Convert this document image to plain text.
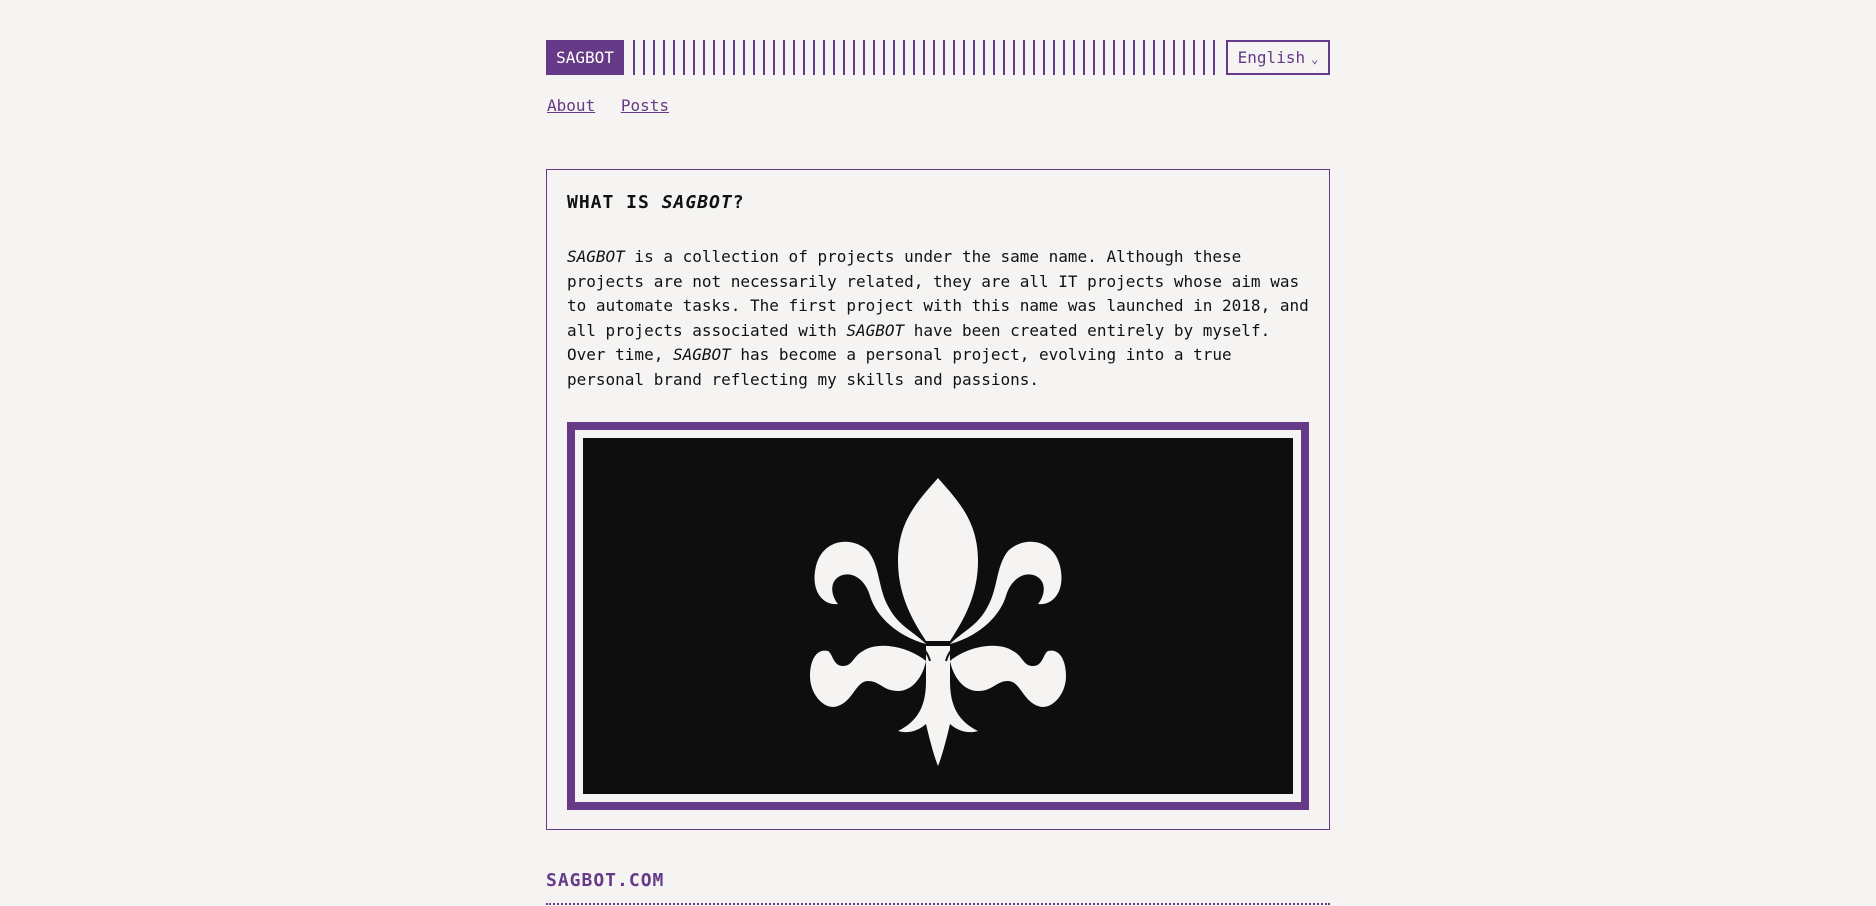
SAGBOT	English ⌄
About Posts
WHAT IS SAGBOT?

SAGBOT is a collection of projects under the same name. Although these projects are not necessarily related, they are all IT projects whose aim was to automate tasks. The first project with this name was launched in 2018, and all projects associated with SAGBOT have been created entirely by myself. Over time, SAGBOT has become a personal project, evolving into a true personal brand reflecting my skills and passions.

SAGBOT.COM
